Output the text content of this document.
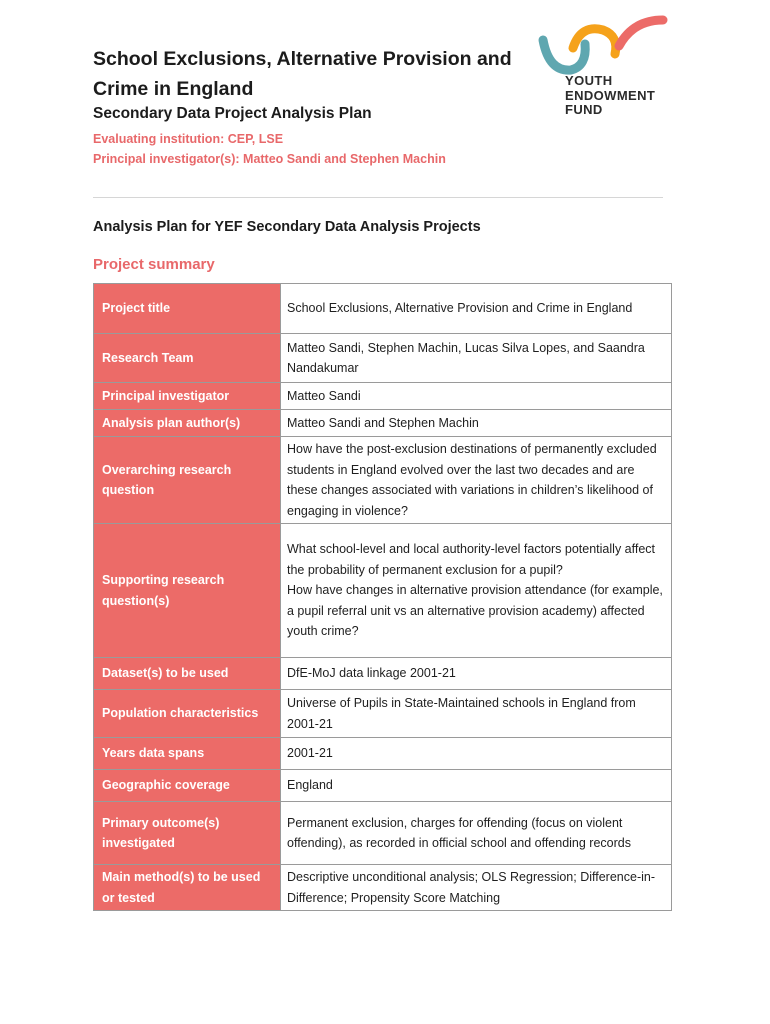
School Exclusions, Alternative Provision and Crime in England
Secondary Data Project Analysis Plan
Evaluating institution: CEP, LSE
Principal investigator(s): Matteo Sandi and Stephen Machin
YOUTH
ENDOWMENT
FUND
Analysis Plan for YEF Secondary Data Analysis Projects
Project summary
Project title	School Exclusions, Alternative Provision and Crime in England

Research Team	Matteo Sandi, Stephen Machin, Lucas Silva Lopes, and Saandra Nandakumar

Principal investigator	Matteo Sandi

Analysis plan author(s)	Matteo Sandi and Stephen Machin

Overarching research question	How have the post-exclusion destinations of permanently excluded students in England evolved over the last two decades and are these changes associated with variations in children’s likelihood of engaging in violence?

Supporting research question(s)	What school-level and local authority-level factors potentially affect the probability of permanent exclusion for a pupil?

How have changes in alternative provision attendance (for example, a pupil referral unit vs an alternative provision academy) affected youth crime?

Dataset(s) to be used	DfE-MoJ data linkage 2001-21

Population characteristics	Universe of Pupils in State-Maintained schools in England from 2001-21

Years data spans	2001-21

Geographic coverage	England

Primary outcome(s) investigated	Permanent exclusion, charges for offending (focus on violent offending), as recorded in official school and offending records

Main method(s) to be used or tested	Descriptive unconditional analysis; OLS Regression; Difference-in-Difference; Propensity Score Matching
